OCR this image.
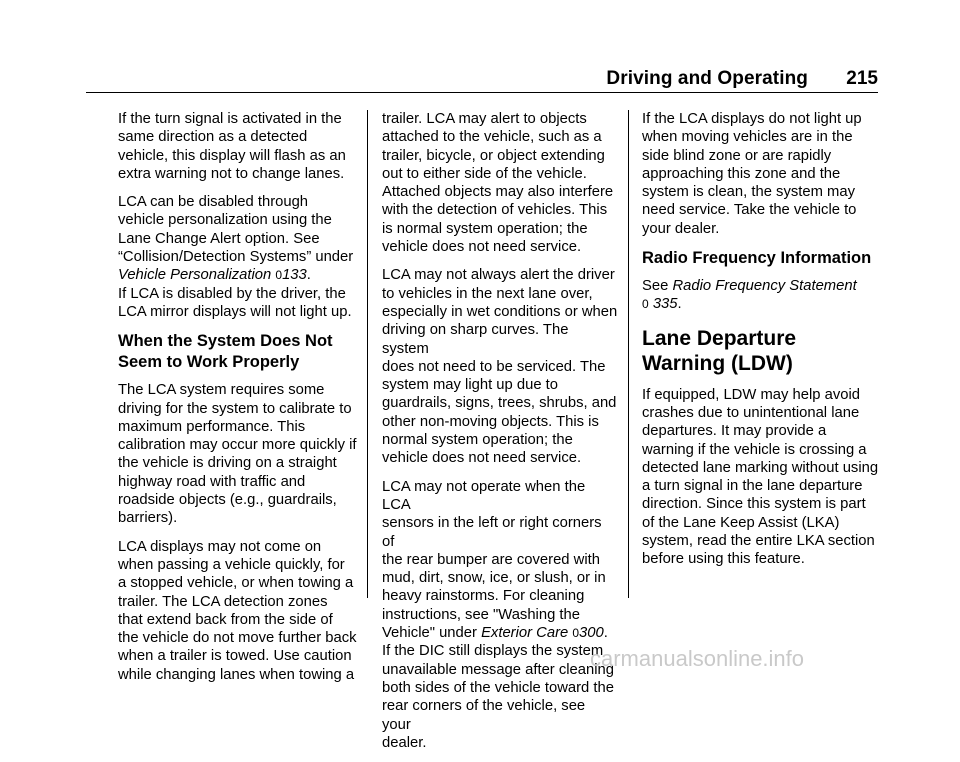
Driving and Operating 215

If the turn signal is activated in the
same direction as a detected
vehicle, this display will flash as an
extra warning not to change lanes.

LCA can be disabled through
vehicle personalization using the
Lane Change Alert option. See
“Collision/Detection Systems” under
Vehicle Personalization 0133.

If LCA is disabled by the driver, the
LCA mirror displays will not light up.

When the System Does Not
Seem to Work Properly

The LCA system requires some
driving for the system to calibrate to
maximum performance. This
calibration may occur more quickly if
the vehicle is driving on a straight
highway road with traffic and
roadside objects (e.g., guardrails,
barriers).

LCA displays may not come on
when passing a vehicle quickly, for
a stopped vehicle, or when towing a
trailer. The LCA detection zones
that extend back from the side of
the vehicle do not move further back
when a trailer is towed. Use caution
while changing lanes when towing a

trailer. LCA may alert to objects
attached to the vehicle, such as a
trailer, bicycle, or object extending
out to either side of the vehicle.
Attached objects may also interfere
with the detection of vehicles. This
is normal system operation; the
vehicle does not need service.

LCA may not always alert the driver
to vehicles in the next lane over,
especially in wet conditions or when
driving on sharp curves. The system
does not need to be serviced. The
system may light up due to
guardrails, signs, trees, shrubs, and
other non-moving objects. This is
normal system operation; the
vehicle does not need service.

LCA may not operate when the LCA
sensors in the left or right corners of
the rear bumper are covered with
mud, dirt, snow, ice, or slush, or in
heavy rainstorms. For cleaning
instructions, see "Washing the
Vehicle" under Exterior Care 0300.

If the DIC still displays the system
unavailable message after cleaning
both sides of the vehicle toward the
rear corners of the vehicle, see your
dealer.

If the LCA displays do not light up
when moving vehicles are in the
side blind zone or are rapidly
approaching this zone and the
system is clean, the system may
need service. Take the vehicle to
your dealer.

Radio Frequency Information

See Radio Frequency Statement
0 335.

Lane Departure
Warning (LDW)

If equipped, LDW may help avoid
crashes due to unintentional lane
departures. It may provide a
warning if the vehicle is crossing a
detected lane marking without using
a turn signal in the lane departure
direction. Since this system is part
of the Lane Keep Assist (LKA)
system, read the entire LKA section
before using this feature.

carmanualsonline.info
